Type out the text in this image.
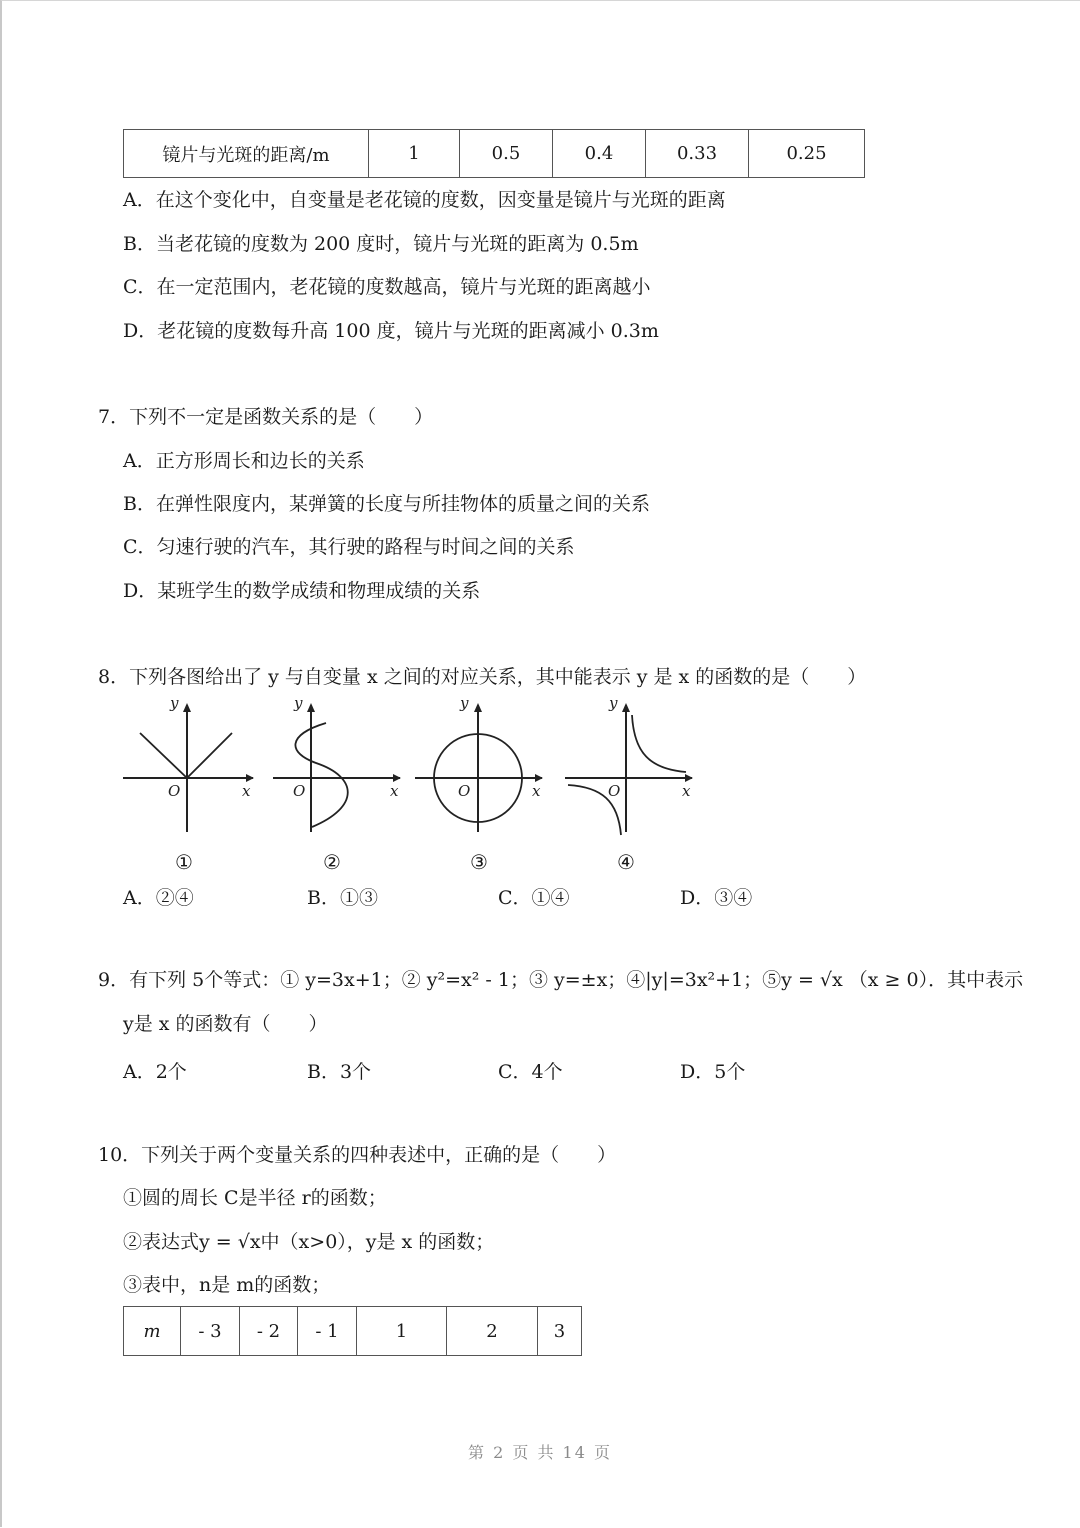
镜片与光斑的距离/m	1	0.5	0.4	0.33	0.25
A．在这个变化中，自变量是老花镜的度数，因变量是镜片与光斑的距离
B．当老花镜的度数为 200 度时，镜片与光斑的距离为 0.5m
C．在一定范围内，老花镜的度数越高，镜片与光斑的距离越小
D．老花镜的度数每升高 100 度，镜片与光斑的距离减小 0.3m
7．下列不一定是函数关系的是（　　）
A．正方形周长和边长的关系
B．在弹性限度内，某弹簧的长度与所挂物体的质量之间的关系
C．匀速行驶的汽车，其行驶的路程与时间之间的关系
D．某班学生的数学成绩和物理成绩的关系
8．下列各图给出了 y 与自变量 x 之间的对应关系，其中能表示 y 是 x 的函数的是（　　）
y
x
O
①
y
x
O
②
y
x
O
③
y
x
O
④
A．②④	B．①③	C．①④	D．③④
9．有下列 5个等式：① y=3x+1；② y²=x² - 1；③ y=±x；④|y|=3x²+1；⑤y = √x （x ≥ 0）．其中表示
y是 x 的函数有（　　）
A．2个	B．3个	C．4个	D．5个
10．下列关于两个变量关系的四种表述中，正确的是（　　）
①圆的周长 C是半径 r的函数；
②表达式y = √x中（x>0），y是 x 的函数；
③表中，n是 m的函数；
m	- 3	- 2	- 1	1	2	3
第 2 页 共 14 页
